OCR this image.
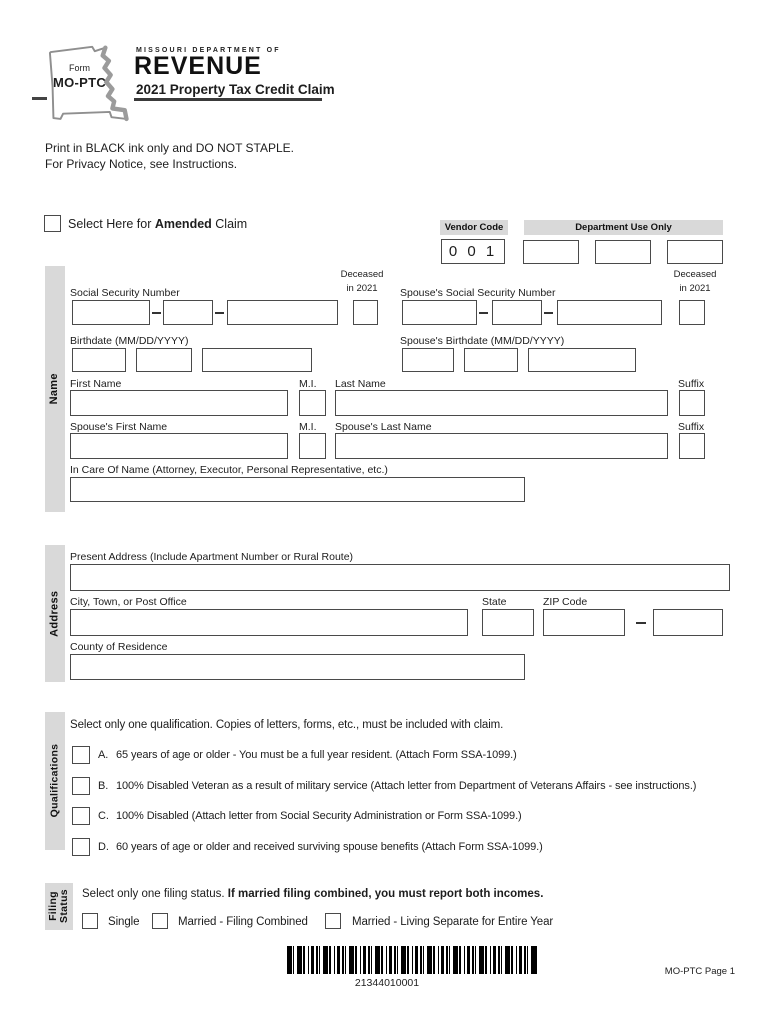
Form
MO-PTC
MISSOURI DEPARTMENT OF
REVENUE
2021 Property Tax Credit Claim
Print in BLACK ink only and DO NOT STAPLE.
For Privacy Notice, see Instructions.
Select Here for Amended Claim	Vendor Code	Department Use Only
0 0 1
Name
Deceased
in 2021
Deceased
in 2021
Social Security Number	Spouse's Social Security Number
Birthdate (MM/DD/YYYY)	Spouse's Birthdate (MM/DD/YYYY)
First Name	M.I. Last Name	Suffix
Spouse's First Name	M.I. Spouse's Last Name	Suffix
In Care Of Name (Attorney, Executor, Personal Representative, etc.)
Address
Present Address (Include Apartment Number or Rural Route)
City, Town, or Post Office	State	ZIP Code
County of Residence
Qualifications
Select only one qualification. Copies of letters, forms, etc., must be included with claim.
A. 65 years of age or older - You must be a full year resident. (Attach Form SSA-1099.)
B. 100% Disabled Veteran as a result of military service (Attach letter from Department of Veterans Affairs - see instructions.)
C. 100% Disabled (Attach letter from Social Security Administration or Form SSA-1099.)
D. 60 years of age or older and received surviving spouse benefits (Attach Form SSA-1099.)
Filing
Status Select only one filing status. If married filing combined, you must report both incomes.
Single	Married - Filing Combined	Married - Living Separate for Entire Year
21344010001
MO-PTC Page 1
